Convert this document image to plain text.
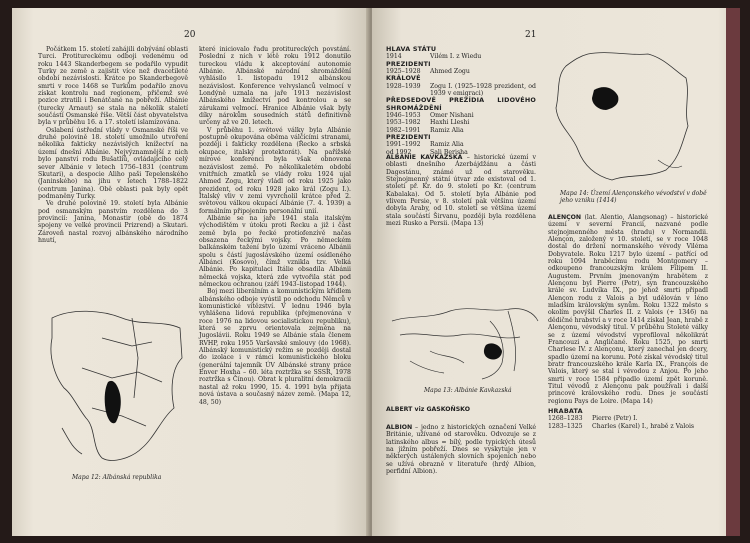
20

Počátkem 15. století zahájili dobývání oblasti Turci. Protitureckému odboji vedenému od roku 1443 Skanderbegem se podařilo vypudit Turky ze země a zajistit více než dvacetileté období nezávislosti. Krátce po Skanderbegově smrti v roce 1468 se Turkům podařilo znovu získat kontrolu nad regionem, přičemž své pozice ztratili i Benátčané na pobřeží. Albánie (turecky Arnaut) se stala na několik staletí součástí Osmanské říše. Větší část obyvatelstva byla v průběhu 16. a 17. století islamizována.

Oslabení ústřední vlády v Osmanské říši ve druhé polovině 18. století umožnilo utvoření několika fakticky nezávislých knížectví na území dnešní Albánie. Nejvýznamnější z nich bylo panství rodu Bušatlíů, ovládajícího celý sever Albánie v letech 1756–1831 (centrum Skutari), a despocie Aliho paši Tepelenského (Janinského) na jihu v letech 1788–1822 (centrum Janina). Obě oblasti pak byly opět podmaněny Turky.

Ve druhé polovině 19. století byla Albánie pod osmanským panstvím rozdělena do 3 provincií: Janina, Monastir (obě do 1874 spojeny ve velké provincii Prizrend) a Skutari. Zároveň nastal rozvoj albánského národního hnutí,

Mapa 12: Albánská republika

které iniciovalo řadu protitureckých povstání. Poslední z nich v létě roku 1912 donutilo tureckou vládu k akceptování autonomie Albánie. Albánské národní shromáždění vyhlásilo 1. listopadu 1912 albánskou nezávislost. Konference velvyslanců velmocí v Londýně uznala na jaře 1913 nezávislost Albánského knížectví pod kontrolou a se zárukami velmocí. Hranice Albánie však byly díky nárokům sousedních států definitivně určeny až ve 20. letech.

V průběhu 1. světové války byla Albánie postupně okupována oběma válčícími stranami, později i fakticky rozdělena (Řecko a srbská okupace, italský protektorát). Na pařížské mírové konferenci byla však obnovena nezávislost země. Po několikaletém období vnitřních zmatků se vlády roku 1924 ujal Ahmed Zogu, který vládl od roku 1925 jako prezident, od roku 1928 jako král (Zogu I.). Italský vliv v zemi vyvrcholil krátce před 2. světovou válkou okupací Albánie (7. 4. 1939) a formálním připojením personální unií.

Albánie se na jaře 1941 stala italským východištěm v útoku proti Řecku a již i část země byla po řecké protiofenzívě načas obsazena řeckými vojsky. Po německém balkánském tažení bylo území vráceno Albánii spolu s částí jugoslávského území osídleného Albánci (Kosovo), čímž vznikla tzv. Velká Albánie. Po kapitulaci Itálie obsadila Albánii německá vojska, která zde vytvořila stát pod německou ochranou (září 1943–listopad 1944).

Boj mezi liberálním a komunistickým křídlem albánského odboje vyústil po odchodu Němců v komunistické vítězství. V lednu 1946 byla vyhlášena lidová republika (přejmenována v roce 1976 na lidovou socialistickou republiku), která se zprvu orientovala zejména na Jugoslávii. Roku 1949 se Albánie stala členem RVHP, roku 1955 Varšavské smlouvy (do 1968). Albánský komunistický režim se později dostal do izolace i v rámci komunistického bloku (generální tajemník ÚV Albánské strany práce Enver Hoxha – 60. léta roztržka se SSSR, 1978 roztržka s Čínou). Obrat k pluralitní demokracii nastal až roku 1990, 15. 4. 1991 byla přijata nová ústava a současný název země. (Mapa 12, 48, 50)

21
HLAVA STÁTU
1914	Vilém I. z Wiedu
PREZIDENTI
1925–1928	Ahmed Zogu
KRÁLOVÉ
1928–1939	Zogu I. (1925–1928 prezident, od 1939 v emigraci)
PŘEDSEDOVÉ PREZÍDIA LIDOVÉHO SHROMÁŽDĚNÍ
1946–1953	Omer Nishani
1953–1982	Haxhi Lleshi
1982–1991	Ramiz Alia
PREZIDENTI
1991–1992	Ramiz Alia
od 1992	Sali Berisha

ALBÁNIE KAVKAZSKÁ – historické území v oblasti dnešního Ázerbájdžánu a části Dagestánu, známé už od starověku. Stejnojmenný státní útvar zde existoval od 1. století př. Kr. do 9. století po Kr. (centrum Kabalaka). Od 5. století byla Albánie pod vlivem Persie, v 8. století pak většinu území dobyla Araby, od 10. století se většina území stala součástí Širvanu, později byla rozdělena mezi Rusko a Persii. (Mapa 13)

Mapa 13: Albánie Kavkazská

ALBERT viz GASKOŇSKO

ALBION – jedno z historických označení Velké Británie, užívané od starověku. Odvozuje se z latinského albus = bílý, podle typických útesů na jižním pobřeží. Dnes se vyskytuje jen v některých ustálených slovních spojeních nebo se užívá obrazně v literatuře (hrdý Albion, perfidní Albion).

Mapa 14: Území Alençonského vévodství v době jeho vzniku (1414)

ALENÇON (lat. Alentio, Alangsonag) – historické území v severní Francii, nazvané podle stejnojmenného města (hradu) v Normandii. Alençon, založený v 10. století, se v roce 1048 dostal do držení normanského vévody Viléma Dobyvatele. Roku 1217 bylo území – patřící od roku 1094 hraběcímu rodu Montgomery – odkoupeno francouzským králem Filipem II. Augustem. Prvním jmenovaným hrabětem z Alençonu byl Pierre (Petr), syn francouzského krále sv. Ludvíka IX., po jehož smrti připadl Alençon rodu z Valois a byl udělován v léno mladším královským synům. Roku 1322 město s okolím povýšil Charles II. z Valois (+ 1346) na dědičné hrabství a v roce 1414 získal Jean, hrabě z Alençonu, vévodský titul. V průběhu Stoleté války se z území vévodství vyprofiloval několikrát Francouzi a Angličané. Roku 1525, po smrti Charlese IV. z Alençonu, který zanechal jen dcery, spadlo území na korunu. Poté získal vévodský titul bratr francouzského krále Karla IX., François de Valois, který se stal i vévodou z Anjou. Po jeho smrti v roce 1584 připadlo území zpět koruně. Titul vévodů z Alençonu pak používali i další princové královského rodu. Dnes je součástí regionu Pays de Loire. (Mapa 14)

HRABATA
1268–1283	Pierre (Petr) I.
1283–1325	Charles (Karel) I., hrabě z Valois
